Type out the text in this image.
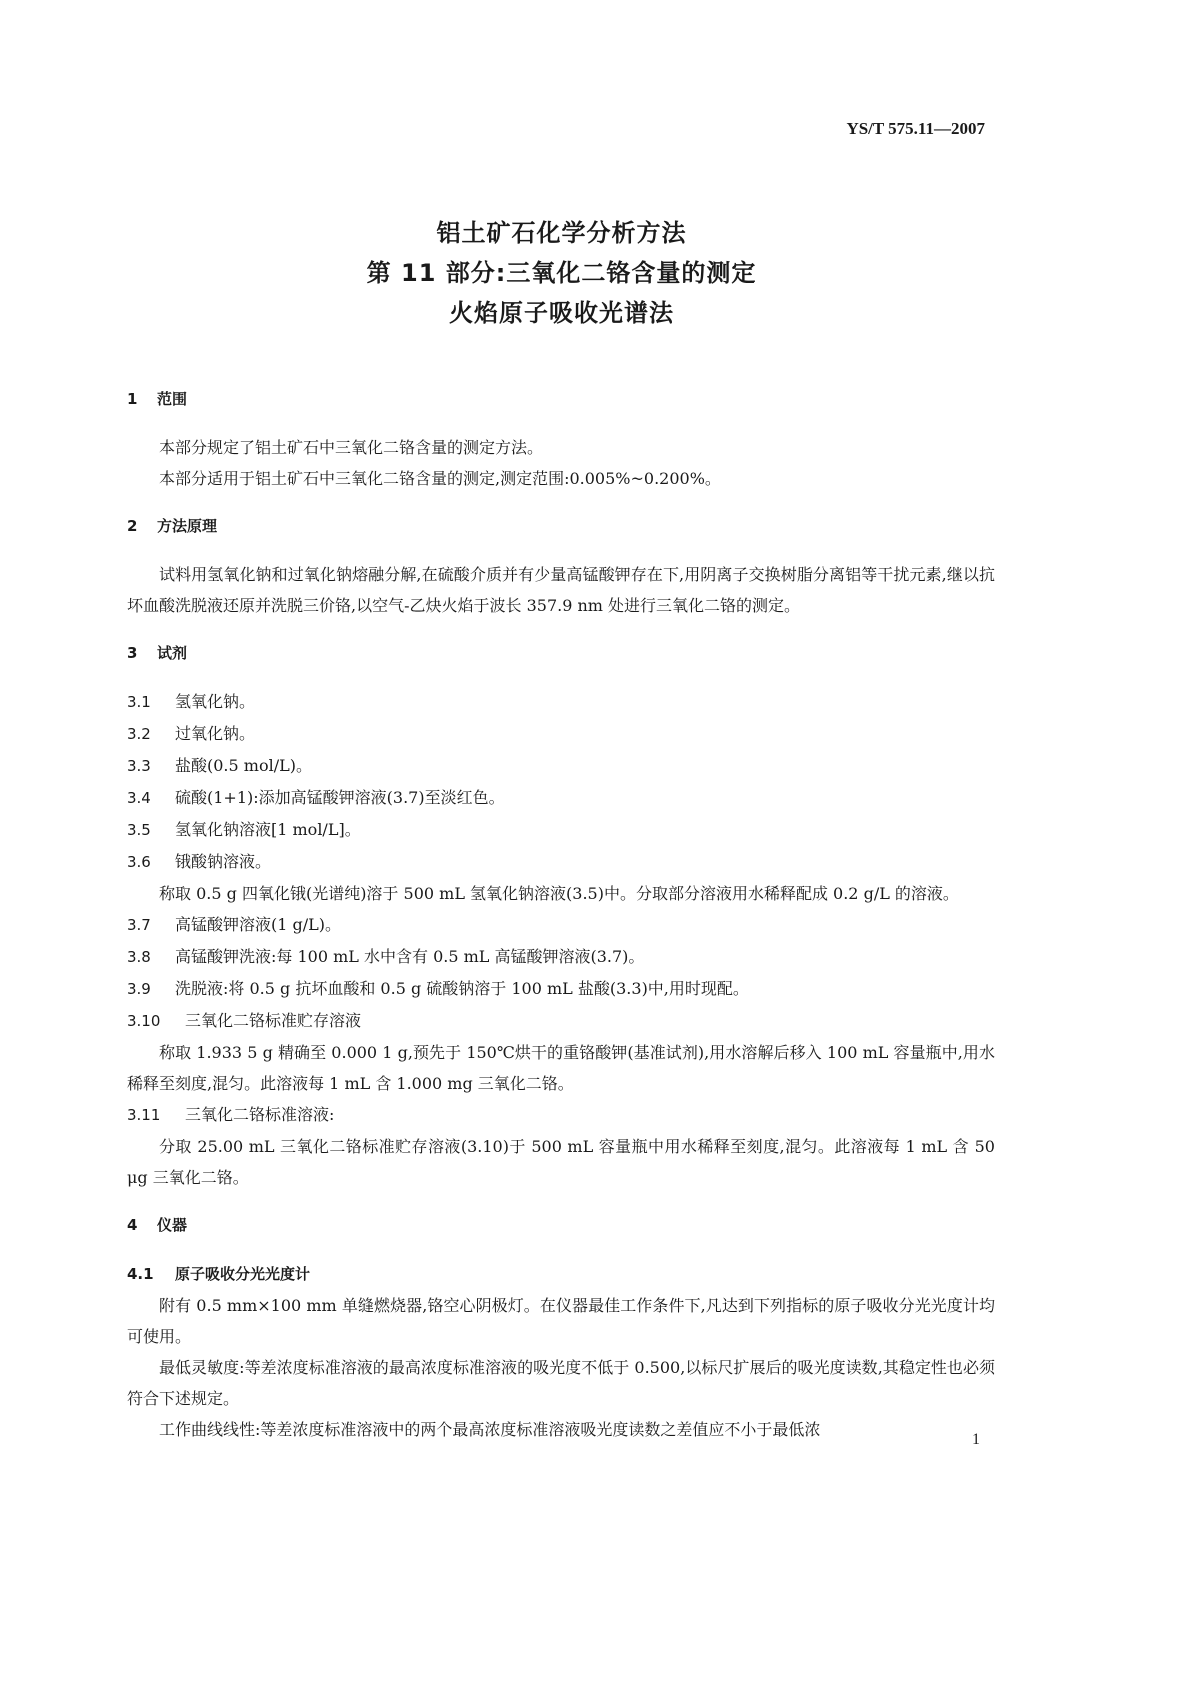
YS/T 575.11—2007
铝土矿石化学分析方法
第 11 部分:三氧化二铬含量的测定
火焰原子吸收光谱法
1 范围
本部分规定了铝土矿石中三氧化二铬含量的测定方法。
本部分适用于铝土矿石中三氧化二铬含量的测定,测定范围:0.005%~0.200%。
2 方法原理
试料用氢氧化钠和过氧化钠熔融分解,在硫酸介质并有少量高锰酸钾存在下,用阴离子交换树脂分离铝等干扰元素,继以抗坏血酸洗脱液还原并洗脱三价铬,以空气-乙炔火焰于波长 357.9 nm 处进行三氧化二铬的测定。
3 试剂
3.1 氢氧化钠。
3.2 过氧化钠。
3.3 盐酸(0.5 mol/L)。
3.4 硫酸(1+1):添加高锰酸钾溶液(3.7)至淡红色。
3.5 氢氧化钠溶液[1 mol/L]。
3.6 锇酸钠溶液。
称取 0.5 g 四氧化锇(光谱纯)溶于 500 mL 氢氧化钠溶液(3.5)中。分取部分溶液用水稀释配成 0.2 g/L 的溶液。
3.7 高锰酸钾溶液(1 g/L)。
3.8 高锰酸钾洗液:每 100 mL 水中含有 0.5 mL 高锰酸钾溶液(3.7)。
3.9 洗脱液:将 0.5 g 抗坏血酸和 0.5 g 硫酸钠溶于 100 mL 盐酸(3.3)中,用时现配。
3.10 三氧化二铬标准贮存溶液
称取 1.933 5 g 精确至 0.000 1 g,预先于 150℃烘干的重铬酸钾(基准试剂),用水溶解后移入 100 mL 容量瓶中,用水稀释至刻度,混匀。此溶液每 1 mL 含 1.000 mg 三氧化二铬。
3.11 三氧化二铬标准溶液:
分取 25.00 mL 三氧化二铬标准贮存溶液(3.10)于 500 mL 容量瓶中用水稀释至刻度,混匀。此溶液每 1 mL 含 50 μg 三氧化二铬。
4 仪器
4.1 原子吸收分光光度计
附有 0.5 mm×100 mm 单缝燃烧器,铬空心阴极灯。在仪器最佳工作条件下,凡达到下列指标的原子吸收分光光度计均可使用。
最低灵敏度:等差浓度标准溶液的最高浓度标准溶液的吸光度不低于 0.500,以标尺扩展后的吸光度读数,其稳定性也必须符合下述规定。
工作曲线线性:等差浓度标准溶液中的两个最高浓度标准溶液吸光度读数之差值应不小于最低浓
1
